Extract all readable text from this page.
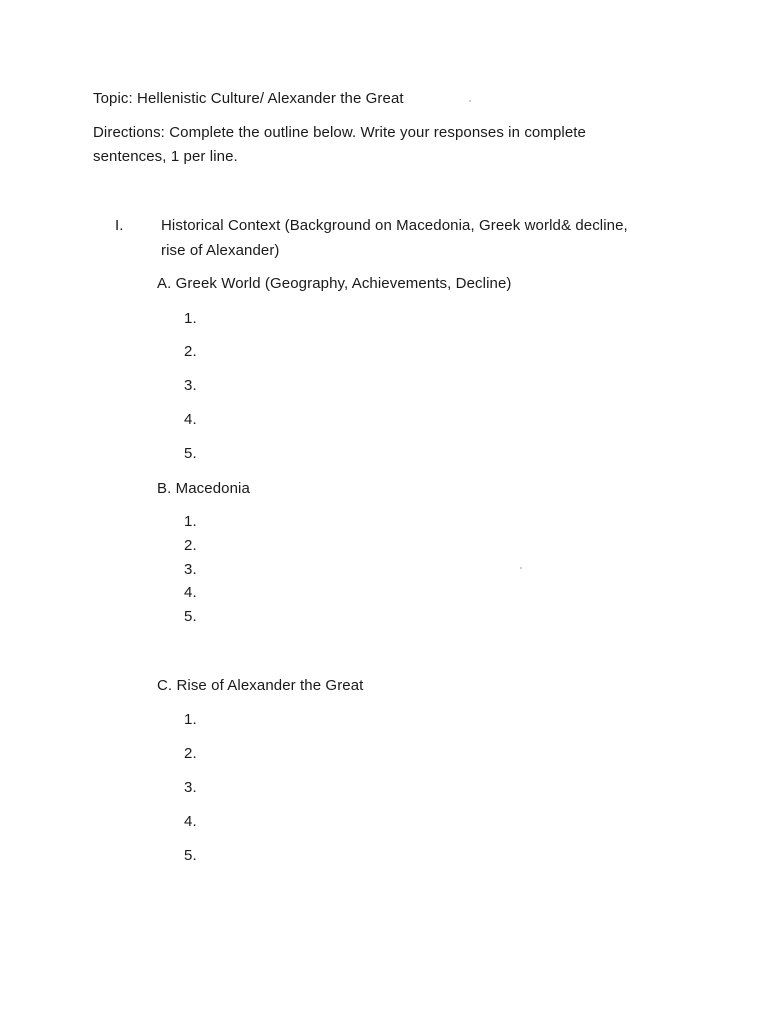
Topic: Hellenistic Culture/ Alexander the Great
Directions: Complete the outline below. Write your responses in complete
sentences, 1 per line.
I. Historical Context (Background on Macedonia, Greek world& decline,
rise of Alexander)
A. Greek World (Geography, Achievements, Decline)
1.
2.
3.
4.
5.
B. Macedonia
1.
2.
3.
4.
5.
C. Rise of Alexander the Great
1.
2.
3.
4.
5.
